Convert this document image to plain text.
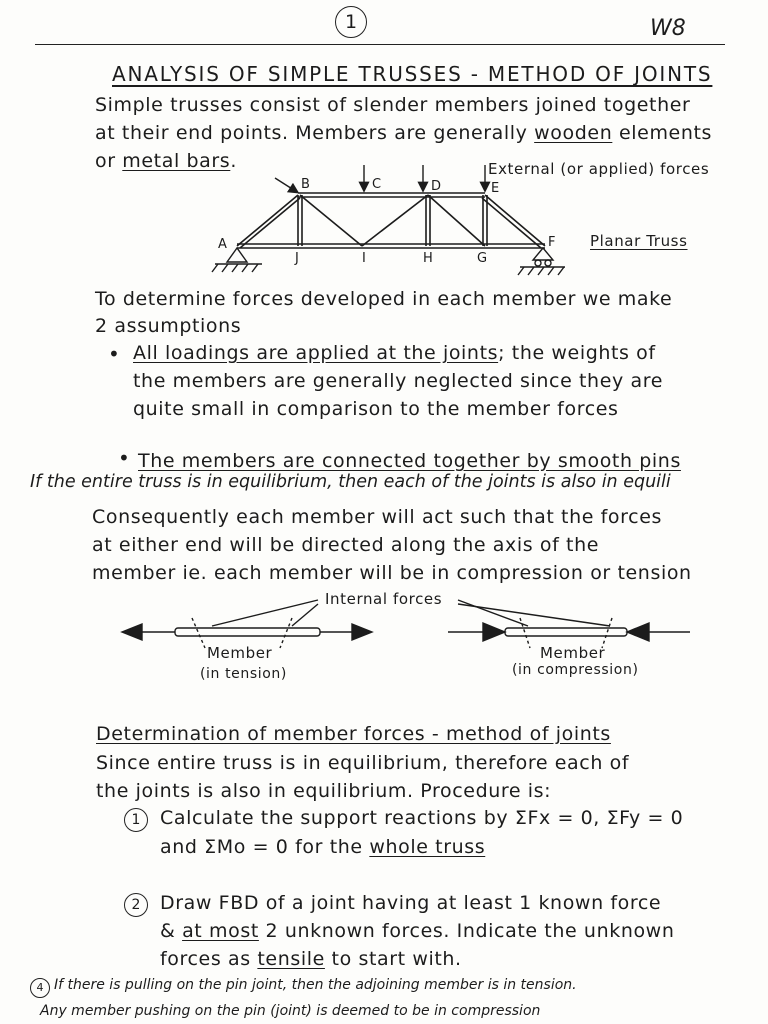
1	W8
ANALYSIS OF SIMPLE TRUSSES - METHOD OF JOINTS
Simple trusses consist of slender members joined together
at their end points. Members are generally wooden elements
or metal bars.
A
B	C	D	E
F
G
H
I
J
External (or applied) forces
Planar Truss
To determine forces developed in each member we make
2 assumptions
• All loadings are applied at the joints; the weights of
the members are generally neglected since they are
quite small in comparison to the member forces
• The members are connected together by smooth pins
If the entire truss is in equilibrium, then each of the joints is also in equili
Consequently each member will act such that the forces
at either end will be directed along the axis of the
member ie. each member will be in compression or tension
Internal forces
Member
(in tension)
Member
(in compression)
Determination of member forces - method of joints
Since entire truss is in equilibrium, therefore each of
the joints is also in equilibrium. Procedure is:
1	Calculate the support reactions by ΣFx = 0, ΣFy = 0
and ΣMo = 0 for the whole truss
2	Draw FBD of a joint having at least 1 known force
& at most 2 unknown forces. Indicate the unknown
forces as tensile to start with.
4 If there is pulling on the pin joint, then the adjoining member is in tension.
Any member pushing on the pin (joint) is deemed to be in compression
